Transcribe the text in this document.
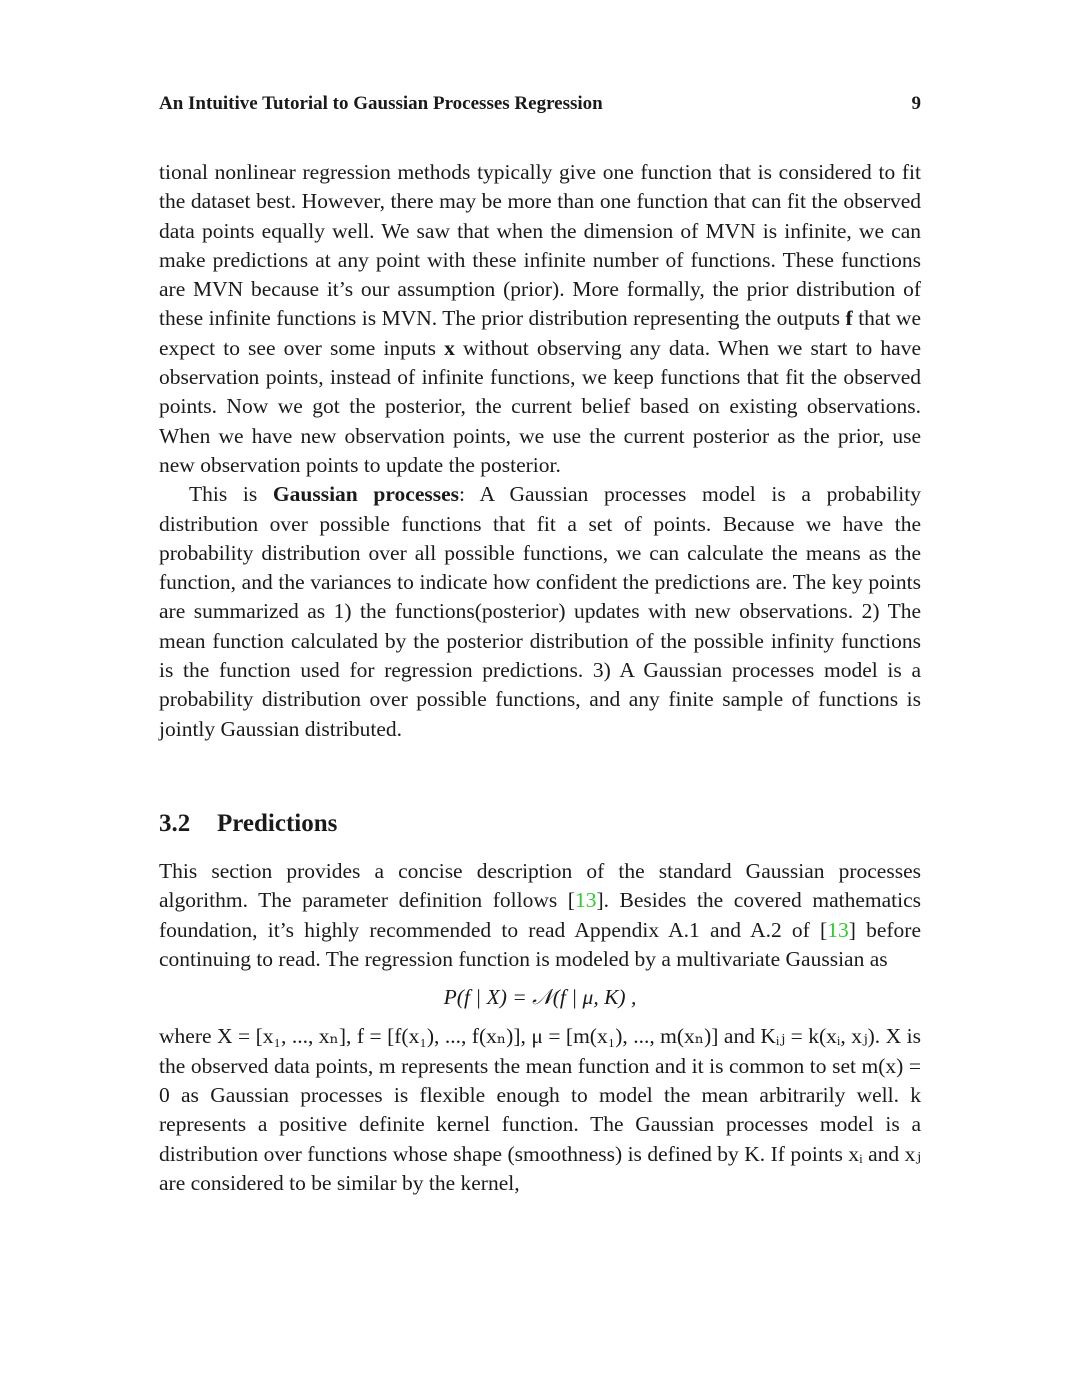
An Intuitive Tutorial to Gaussian Processes Regression	9

tional nonlinear regression methods typically give one function that is considered to fit the dataset best. However, there may be more than one function that can fit the observed data points equally well. We saw that when the dimension of MVN is infinite, we can make predictions at any point with these infinite number of functions. These functions are MVN because it’s our assumption (prior). More formally, the prior distribution of these infinite functions is MVN. The prior distribution representing the outputs f that we expect to see over some inputs x without observing any data. When we start to have observation points, instead of infinite functions, we keep functions that fit the observed points. Now we got the posterior, the current belief based on existing observations. When we have new observation points, we use the current posterior as the prior, use new observation points to update the posterior.

This is Gaussian processes: A Gaussian processes model is a probability distribution over possible functions that fit a set of points. Because we have the probability distribution over all possible functions, we can calculate the means as the function, and the variances to indicate how confident the predictions are. The key points are summarized as 1) the functions(posterior) updates with new observations. 2) The mean function calculated by the posterior distribution of the possible infinity functions is the function used for regression predictions. 3) A Gaussian processes model is a probability distribution over possible functions, and any finite sample of functions is jointly Gaussian distributed.

3.2 Predictions

This section provides a concise description of the standard Gaussian processes algorithm. The parameter definition follows [13]. Besides the covered mathematics foundation, it’s highly recommended to read Appendix A.1 and A.2 of [13] before continuing to read. The regression function is modeled by a multivariate Gaussian as

P(f | X) = 𝒩(f | μ, K) ,

where X = [x₁, ..., xₙ], f = [f(x₁), ..., f(xₙ)], μ = [m(x₁), ..., m(xₙ)] and Kᵢⱼ = k(xᵢ, xⱼ). X is the observed data points, m represents the mean function and it is common to set m(x) = 0 as Gaussian processes is flexible enough to model the mean arbitrarily well. k represents a positive definite kernel function. The Gaussian processes model is a distribution over functions whose shape (smoothness) is defined by K. If points xᵢ and xⱼ are considered to be similar by the kernel,
